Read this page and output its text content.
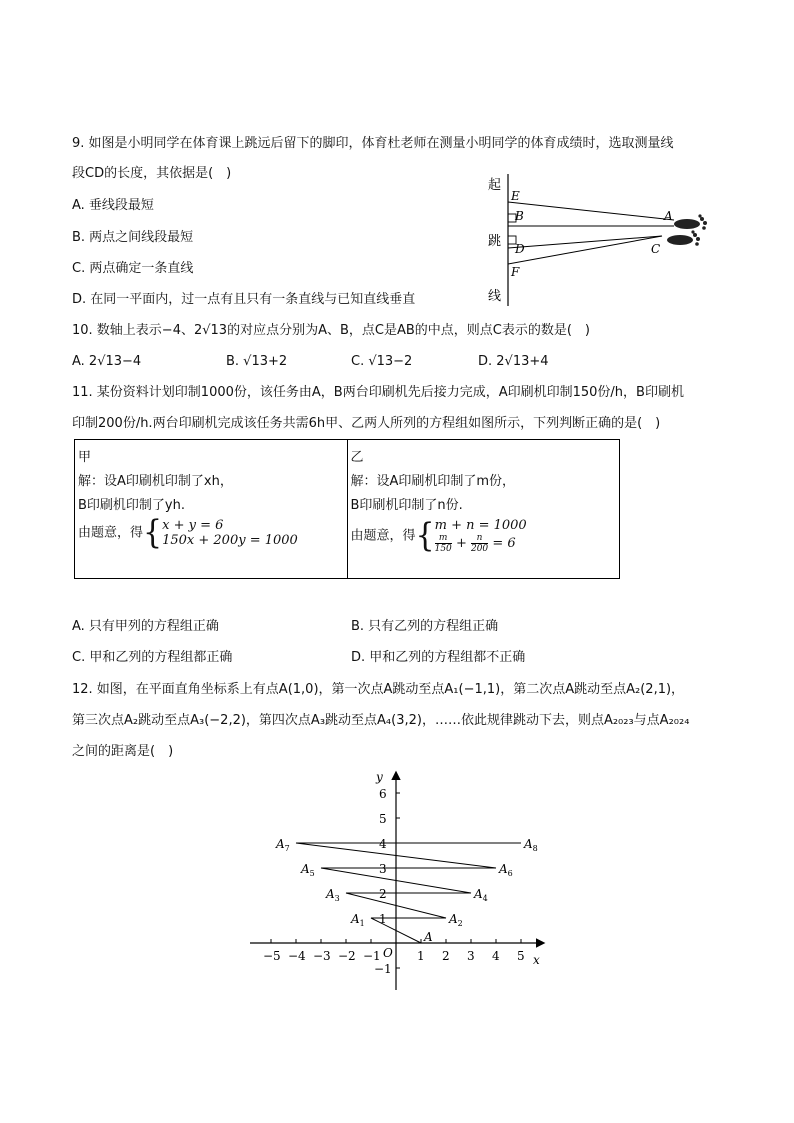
9. 如图是小明同学在体育课上跳远后留下的脚印，体育杜老师在测量小明同学的体育成绩时，选取测量线
段CD的长度，其依据是(　)
A. 垂线段最短
B. 两点之间线段最短
C. 两点确定一条直线
D. 在同一平面内，过一点有且只有一条直线与已知直线垂直
起
跳
线
E
B
D
F
A
C
10. 数轴上表示−4、2√13的对应点分别为A、B，点C是AB的中点，则点C表示的数是(　)
A. 2√13−4	B. √13+2	C. √13−2	D. 2√13+4
11. 某份资料计划印制1000份，该任务由A，B两台印刷机先后接力完成，A印刷机印制150份/h，B印刷机
印制200份/h.两台印刷机完成该任务共需6h甲、乙两人所列的方程组如图所示，下列判断正确的是(　)
甲
解：设A印刷机印制了xh，
B印刷机印制了yh.
由题意，得{ x + y = 6
150x + 200y = 1000

乙
解：设A印刷机印制了m份，
B印刷机印制了n份.
由题意，得{ m + n = 1000
$\frac{m}{150} + \frac{n}{200} = 6$
A. 只有甲列的方程组正确	B. 只有乙列的方程组正确
C. 甲和乙列的方程组都正确	D. 甲和乙列的方程组都不正确
12. 如图，在平面直角坐标系上有点A(1,0)，第一次点A跳动至点A₁(−1,1)，第二次点A跳动至点A₂(2,1)，
第三次点A₂跳动至点A₃(−2,2)，第四次点A₃跳动至点A₄(3,2)，……依此规律跳动下去，则点A₂₀₂₃与点A₂₀₂₄
之间的距离是(　)
x
y
O
−5 −4 −3 −2 −1	1 2 3 4 5
6
5
4
3
2
1
−1
A
$A_1$	$A_2$
$A_3$	$A_4$
$A_5$	$A_6$
$A_7$	$A_8$
